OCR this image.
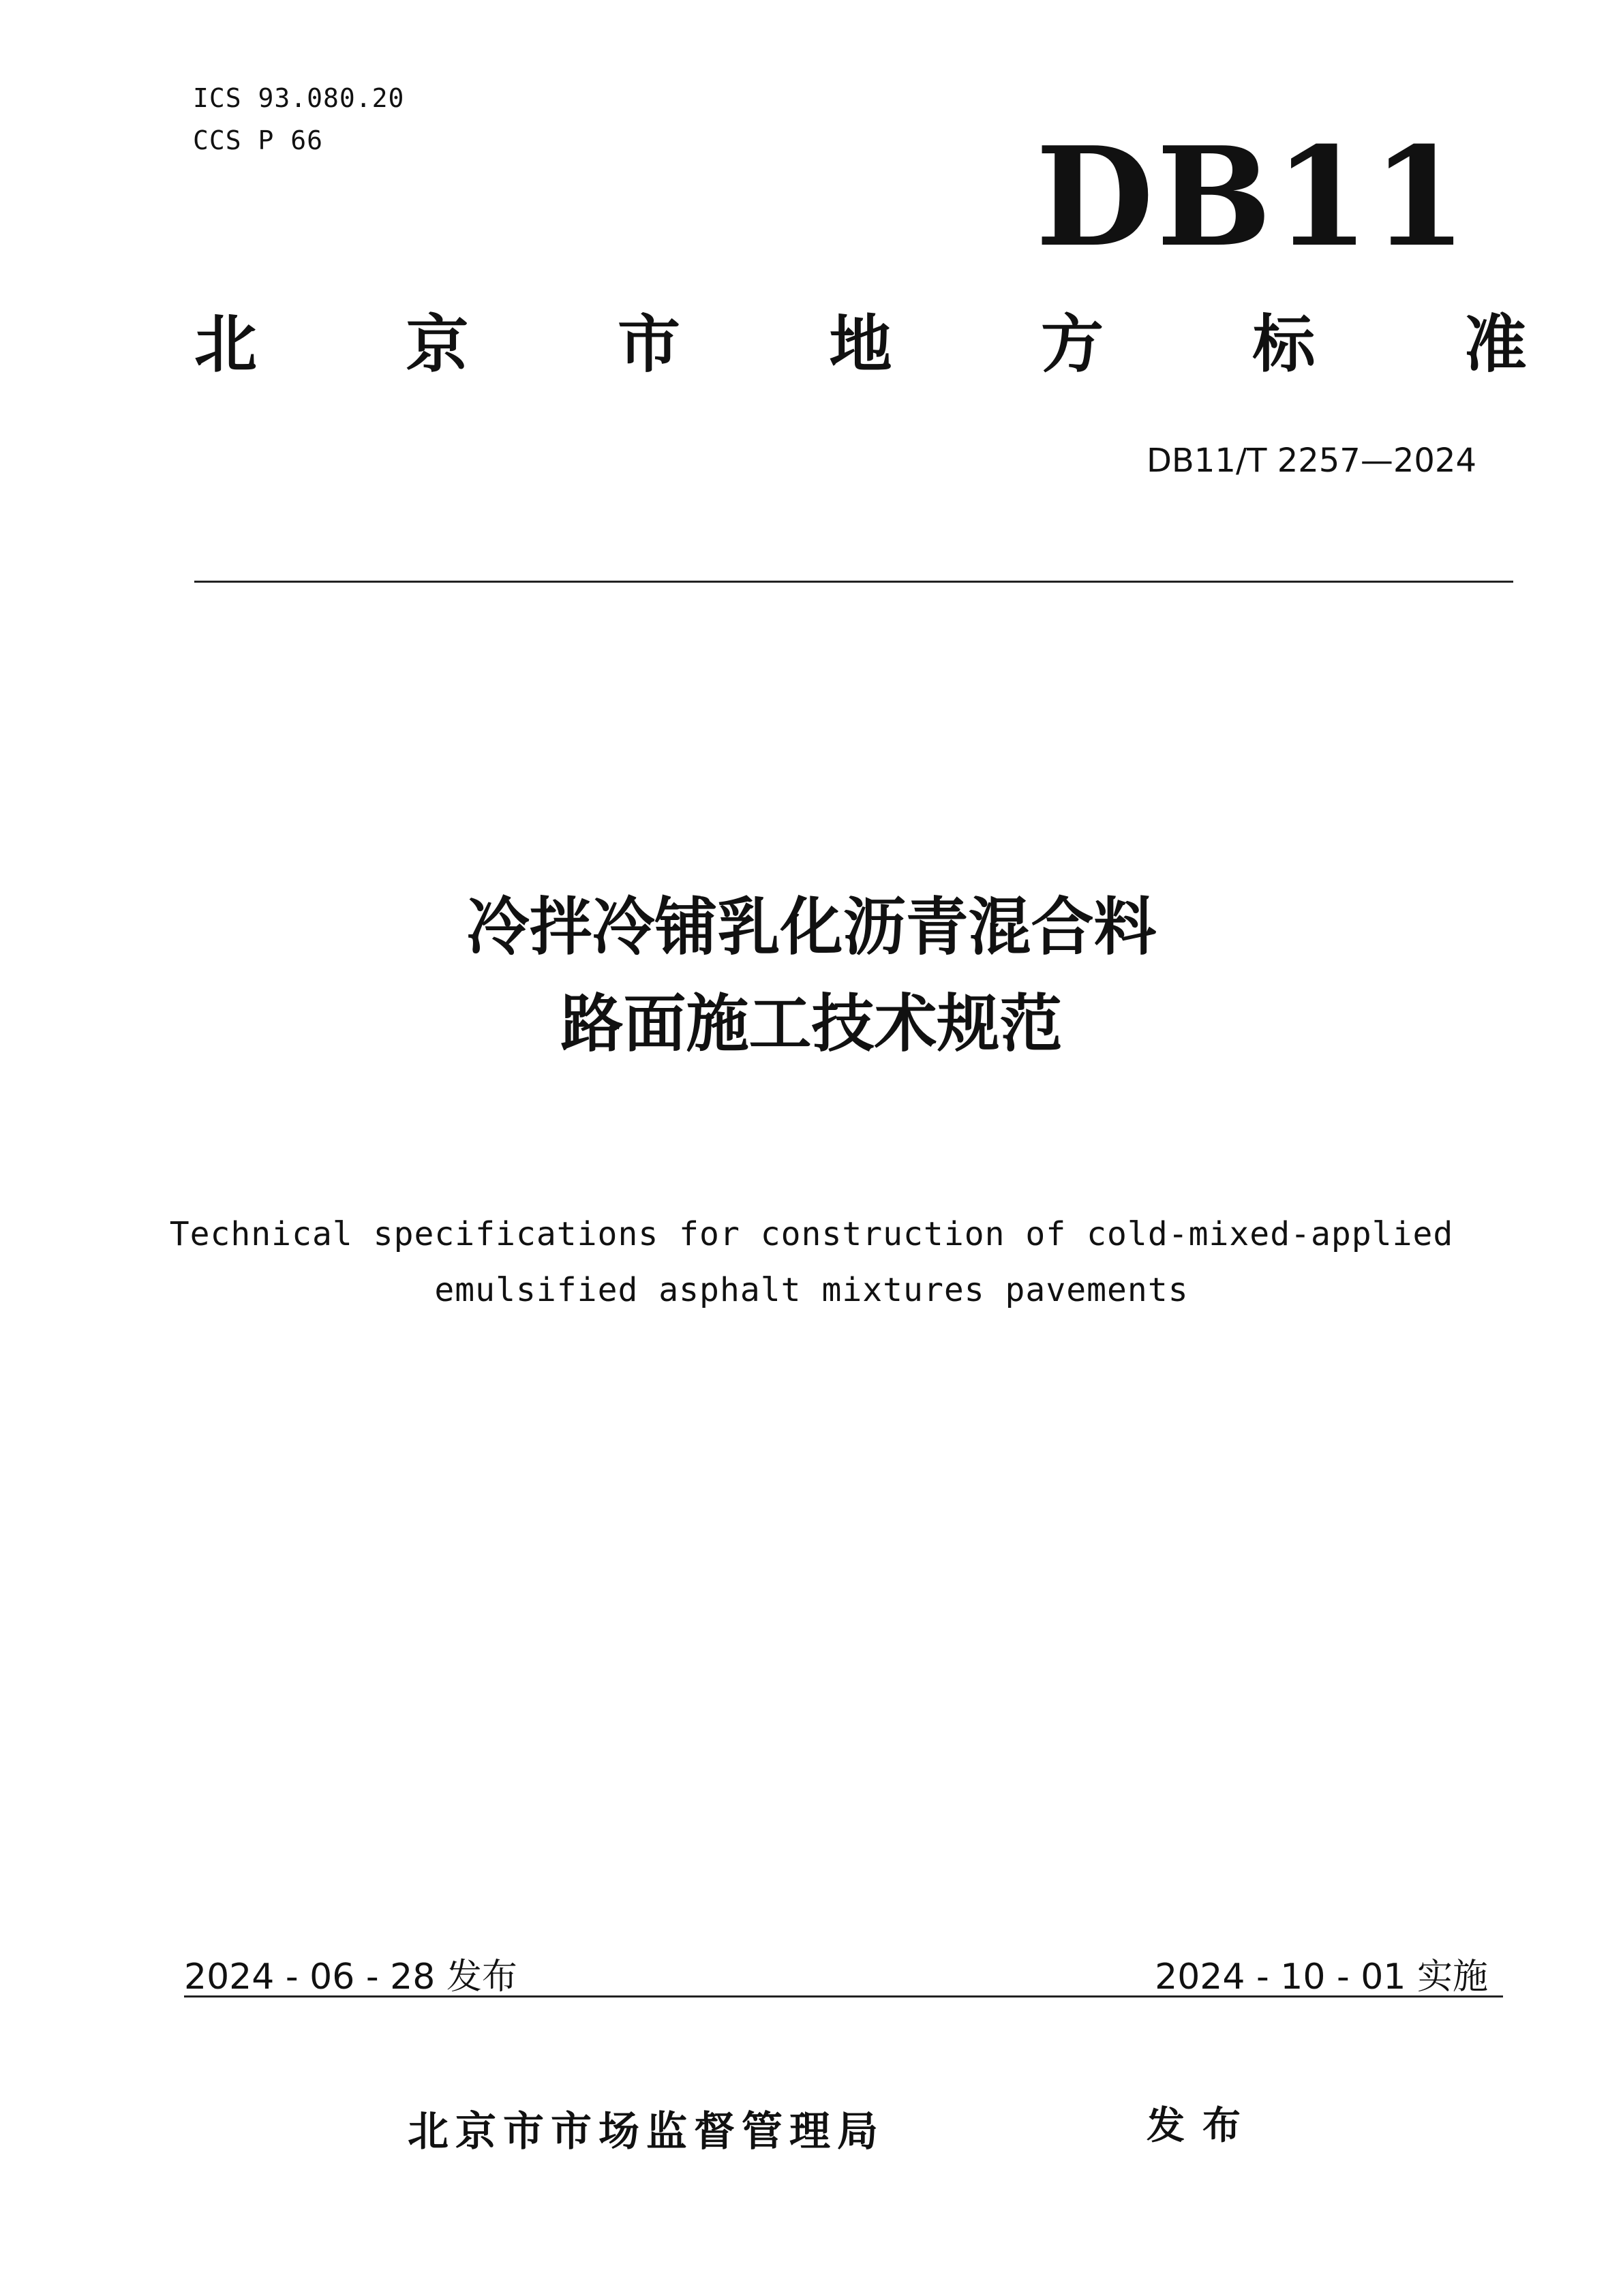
ICS 93.080.20
CCS P 66	DB11
北 京 市 地 方 标 准
DB11/T 2257—2024
冷拌冷铺乳化沥青混合料
路面施工技术规范
Technical specifications for construction of cold-mixed-applied
emulsified asphalt mixtures pavements
2024 - 06 - 28 发布	2024 - 10 - 01 实施
北京市市场监督管理局	发布
